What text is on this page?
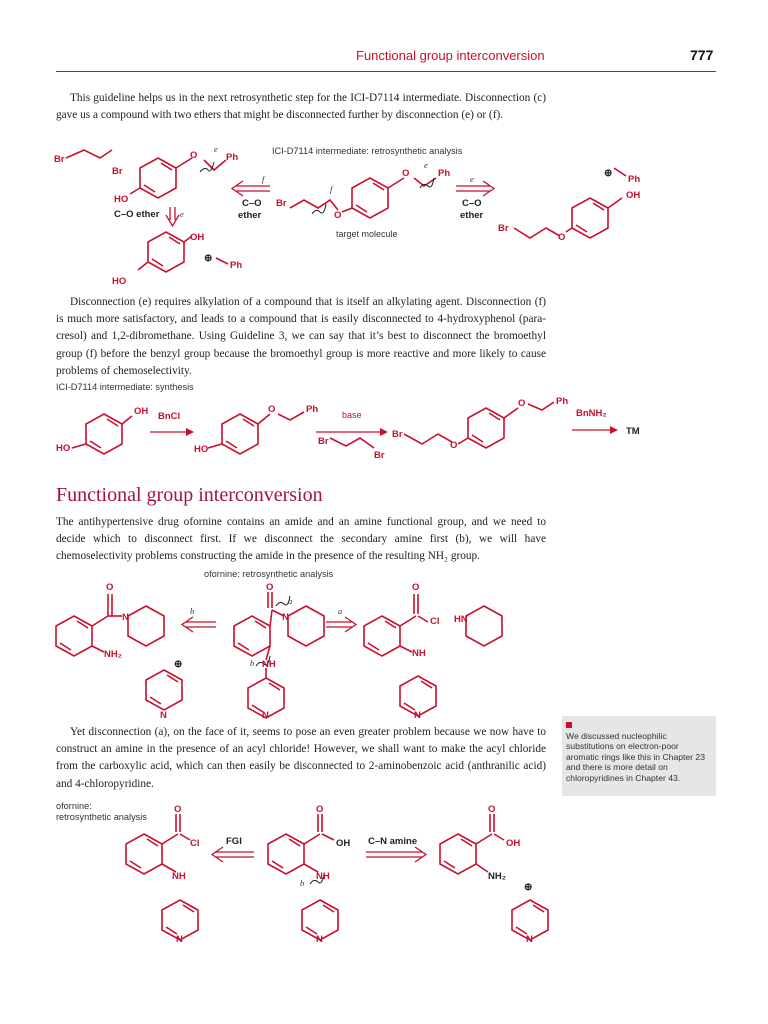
Functional group interconversion	777
This guideline helps us in the next retrosynthetic step for the ICI-D7114 intermediate. Disconnection (c) gave us a compound with two ethers that might be disconnected further by disconnection (e) or (f).
ICI-D7114 intermediate: retrosynthetic analysis
Br
Br
O	Ph
e
HO
C–O ether e
OH
HO
⊕
Ph
f
C–O
ether
Br
f
O
O
e
Ph
target molecule
e
C–O
ether
⊕
Ph
OH
Br
O
Disconnection (e) requires alkylation of a compound that is itself an alkylating agent. Disconnection (f) is much more satisfactory, and leads to a compound that is easily disconnected to 4-hydroxyphenol (para-cresol) and 1,2-dibromethane. Using Guideline 3, we can say that it’s best to disconnect the bromoethyl group (f) before the benzyl group because the bromoethyl group is more reactive and more likely to cause problems of chemoselectivity.
ICI-D7114 intermediate: synthesis
OH
HO
BnCl
O	Ph
HO
base
Br
Br
Br
O
O	Ph
BnNH₂
TM
Functional group interconversion
The antihypertensive drug ofornine contains an amide and an amine functional group, and we need to decide which to disconnect first. If we disconnect the secondary amine first (b), we will have chemoselectivity problems constructing the amide in the presence of the resulting NH₂ group.
ofornine: retrosynthetic analysis
O
N
NH₂
⊕
N
b
O
a
N
NH
b
N
a
O
Cl
NH
N
HN
Yet disconnection (a), on the face of it, seems to pose an even greater problem because we now have to construct an amine in the presence of an acyl chloride! However, we shall want to make the acyl chloride from the carboxylic acid, which can then easily be disconnected to 2-aminobenzoic acid (anthranilic acid) and 4-chloropyridine.
We discussed nucleophilic substitutions on electron-poor aromatic rings like this in Chapter 23 and there is more detail on chloropyridines in Chapter 43.
ofornine:
retrosynthetic analysis
O
Cl
NH
N
FGI
O
OH
NH
b
N
C–N amine
O
OH
NH₂
⊕
N
